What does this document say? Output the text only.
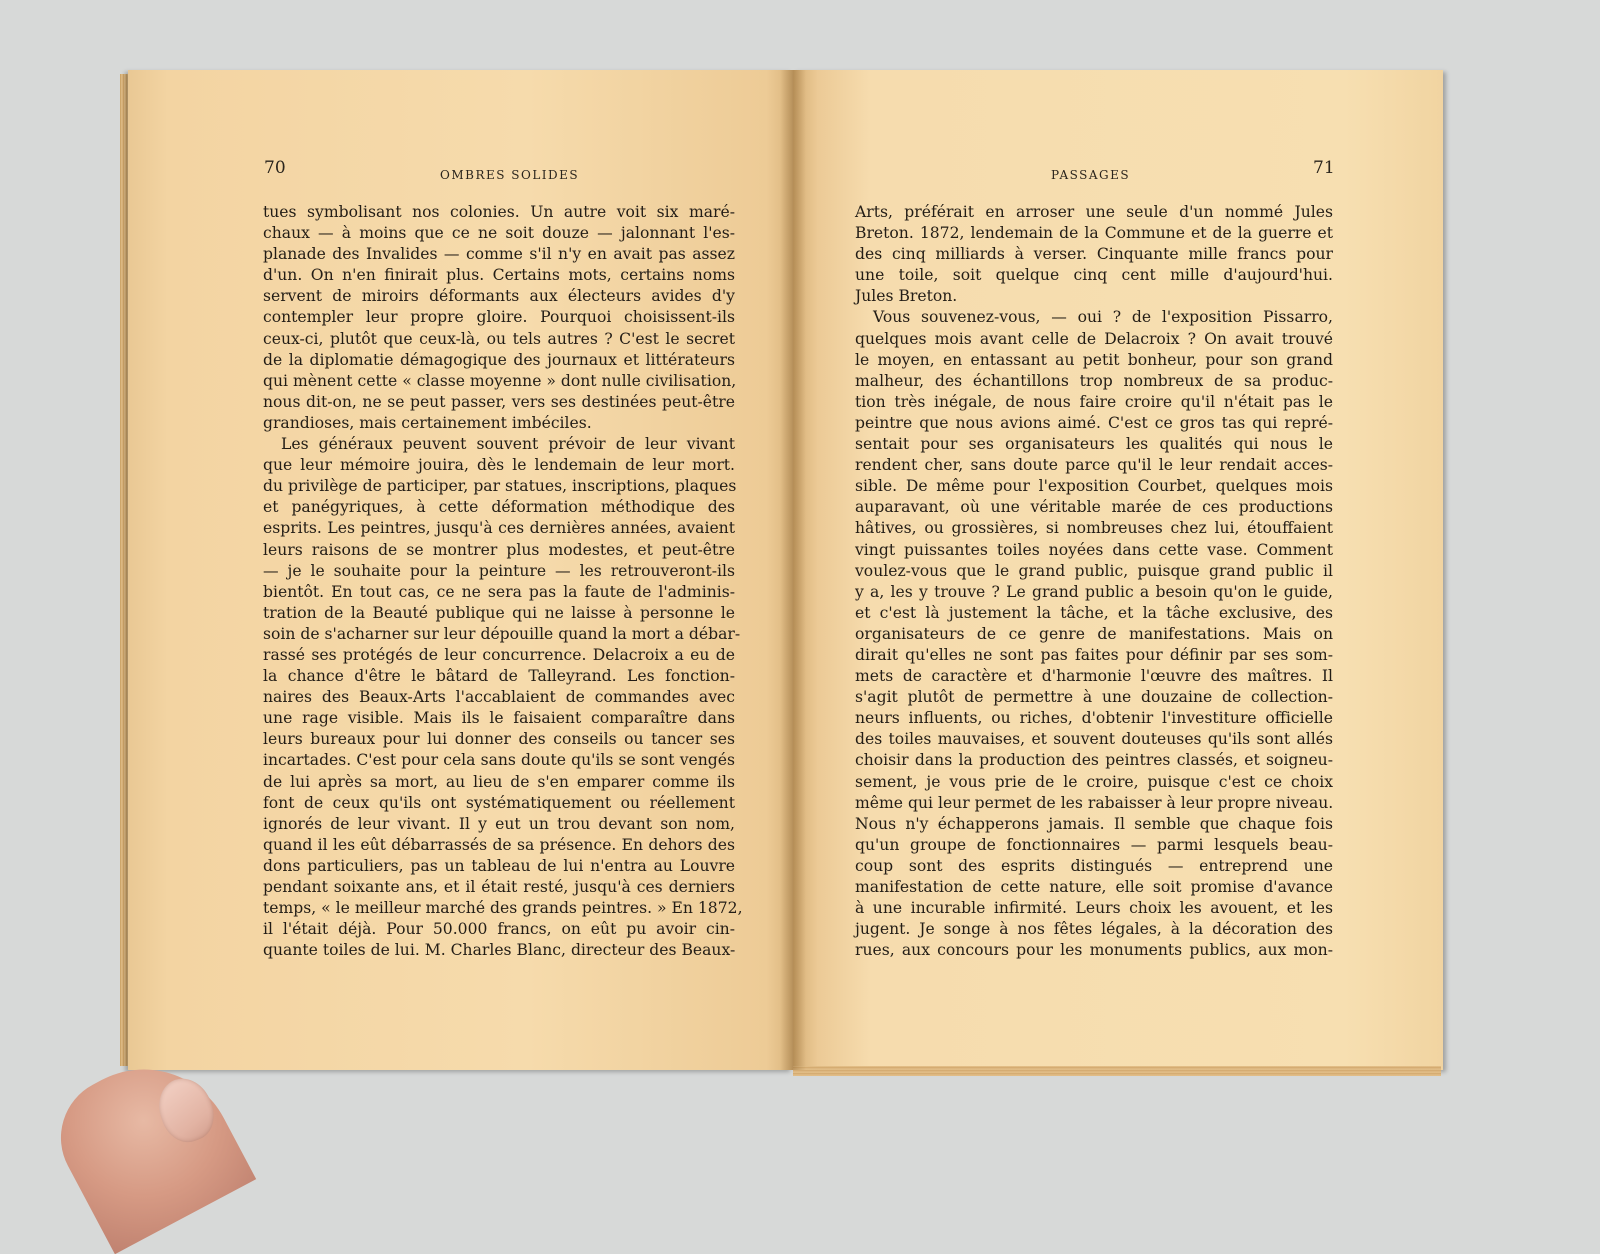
70	OMBRES SOLIDES	71
PASSAGES
tues symbolisant nos colonies. Un autre voit six maré-
chaux — à moins que ce ne soit douze — jalonnant l'es-
planade des Invalides — comme s'il n'y en avait pas assez
d'un. On n'en finirait plus. Certains mots, certains noms
servent de miroirs déformants aux électeurs avides d'y
contempler leur propre gloire. Pourquoi choisissent-ils
ceux-ci, plutôt que ceux-là, ou tels autres ? C'est le secret
de la diplomatie démagogique des journaux et littérateurs
qui mènent cette « classe moyenne » dont nulle civilisation,
nous dit-on, ne se peut passer, vers ses destinées peut-être
grandioses, mais certainement imbéciles.
Les généraux peuvent souvent prévoir de leur vivant
que leur mémoire jouira, dès le lendemain de leur mort.
du privilège de participer, par statues, inscriptions, plaques
et panégyriques, à cette déformation méthodique des
esprits. Les peintres, jusqu'à ces dernières années, avaient
leurs raisons de se montrer plus modestes, et peut-être
— je le souhaite pour la peinture — les retrouveront-ils
bientôt. En tout cas, ce ne sera pas la faute de l'adminis-
tration de la Beauté publique qui ne laisse à personne le
soin de s'acharner sur leur dépouille quand la mort a débar-
rassé ses protégés de leur concurrence. Delacroix a eu de
la chance d'être le bâtard de Talleyrand. Les fonction-
naires des Beaux-Arts l'accablaient de commandes avec
une rage visible. Mais ils le faisaient comparaître dans
leurs bureaux pour lui donner des conseils ou tancer ses
incartades. C'est pour cela sans doute qu'ils se sont vengés
de lui après sa mort, au lieu de s'en emparer comme ils
font de ceux qu'ils ont systématiquement ou réellement
ignorés de leur vivant. Il y eut un trou devant son nom,
quand il les eût débarrassés de sa présence. En dehors des
dons particuliers, pas un tableau de lui n'entra au Louvre
pendant soixante ans, et il était resté, jusqu'à ces derniers
temps, « le meilleur marché des grands peintres. » En 1872,
il l'était déjà. Pour 50.000 francs, on eût pu avoir cin-
quante toiles de lui. M. Charles Blanc, directeur des Beaux-
Arts, préférait en arroser une seule d'un nommé Jules
Breton. 1872, lendemain de la Commune et de la guerre et
des cinq milliards à verser. Cinquante mille francs pour
une toile, soit quelque cinq cent mille d'aujourd'hui.
Jules Breton.
Vous souvenez-vous, — oui ? de l'exposition Pissarro,
quelques mois avant celle de Delacroix ? On avait trouvé
le moyen, en entassant au petit bonheur, pour son grand
malheur, des échantillons trop nombreux de sa produc-
tion très inégale, de nous faire croire qu'il n'était pas le
peintre que nous avions aimé. C'est ce gros tas qui repré-
sentait pour ses organisateurs les qualités qui nous le
rendent cher, sans doute parce qu'il le leur rendait acces-
sible. De même pour l'exposition Courbet, quelques mois
auparavant, où une véritable marée de ces productions
hâtives, ou grossières, si nombreuses chez lui, étouffaient
vingt puissantes toiles noyées dans cette vase. Comment
voulez-vous que le grand public, puisque grand public il
y a, les y trouve ? Le grand public a besoin qu'on le guide,
et c'est là justement la tâche, et la tâche exclusive, des
organisateurs de ce genre de manifestations. Mais on
dirait qu'elles ne sont pas faites pour définir par ses som-
mets de caractère et d'harmonie l'œuvre des maîtres. Il
s'agit plutôt de permettre à une douzaine de collection-
neurs influents, ou riches, d'obtenir l'investiture officielle
des toiles mauvaises, et souvent douteuses qu'ils sont allés
choisir dans la production des peintres classés, et soigneu-
sement, je vous prie de le croire, puisque c'est ce choix
même qui leur permet de les rabaisser à leur propre niveau.
Nous n'y échapperons jamais. Il semble que chaque fois
qu'un groupe de fonctionnaires — parmi lesquels beau-
coup sont des esprits distingués — entreprend une
manifestation de cette nature, elle soit promise d'avance
à une incurable infirmité. Leurs choix les avouent, et les
jugent. Je songe à nos fêtes légales, à la décoration des
rues, aux concours pour les monuments publics, aux mon-
